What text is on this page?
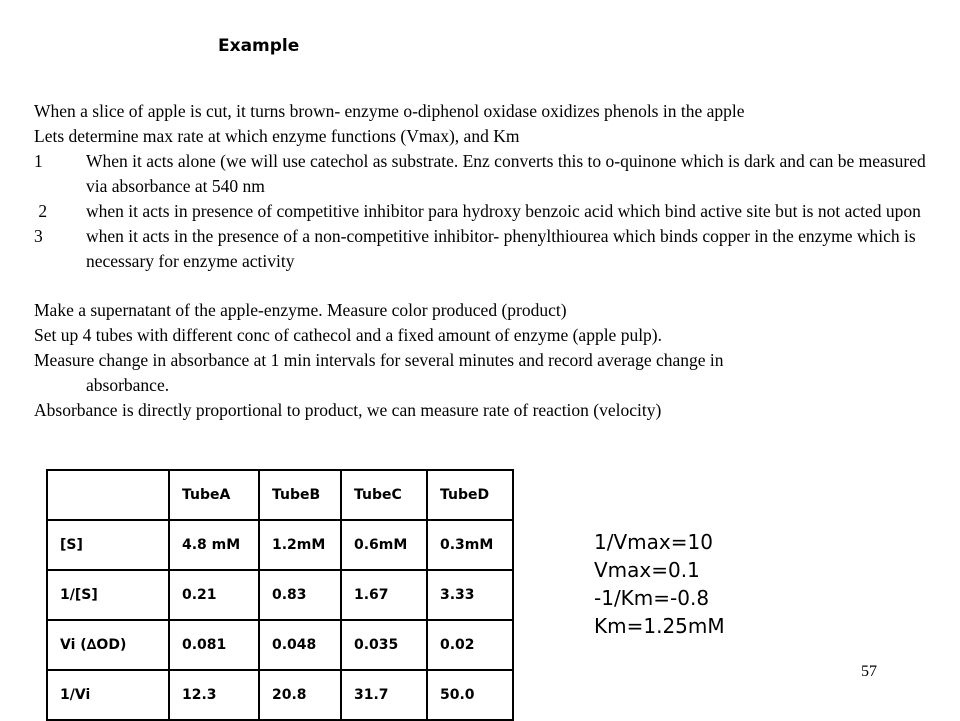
Example

When a slice of apple is cut, it turns brown- enzyme o-diphenol oxidase oxidizes phenols in the apple

Lets determine max rate at which enzyme functions (Vmax), and Km

1	When it acts alone (we will use catechol as substrate. Enz converts this to o-quinone which is dark and can be measured via absorbance at 540 nm
2	when it acts in presence of competitive inhibitor para hydroxy benzoic acid which bind active site but is not acted upon
3	when it acts in the presence of a non-competitive inhibitor- phenylthiourea which binds copper in the enzyme which is necessary for enzyme activity

Make a supernatant of the apple-enzyme. Measure color produced (product)

Set up 4 tubes with different conc of cathecol and a fixed amount of enzyme (apple pulp).

Measure change in absorbance at 1 min intervals for several minutes and record average change in

absorbance.

Absorbance is directly proportional to product, we can measure rate of reaction (velocity)

	TubeA	TubeB	TubeC	TubeD
[S]	4.8 mM	1.2mM	0.6mM	0.3mM
1/[S]	0.21	0.83	1.67	3.33
Vi (∆OD)	0.081	0.048	0.035	0.02
1/Vi	12.3	20.8	31.7	50.0
1/Vmax=10
Vmax=0.1
-1/Km=-0.8
Km=1.25mM
57
